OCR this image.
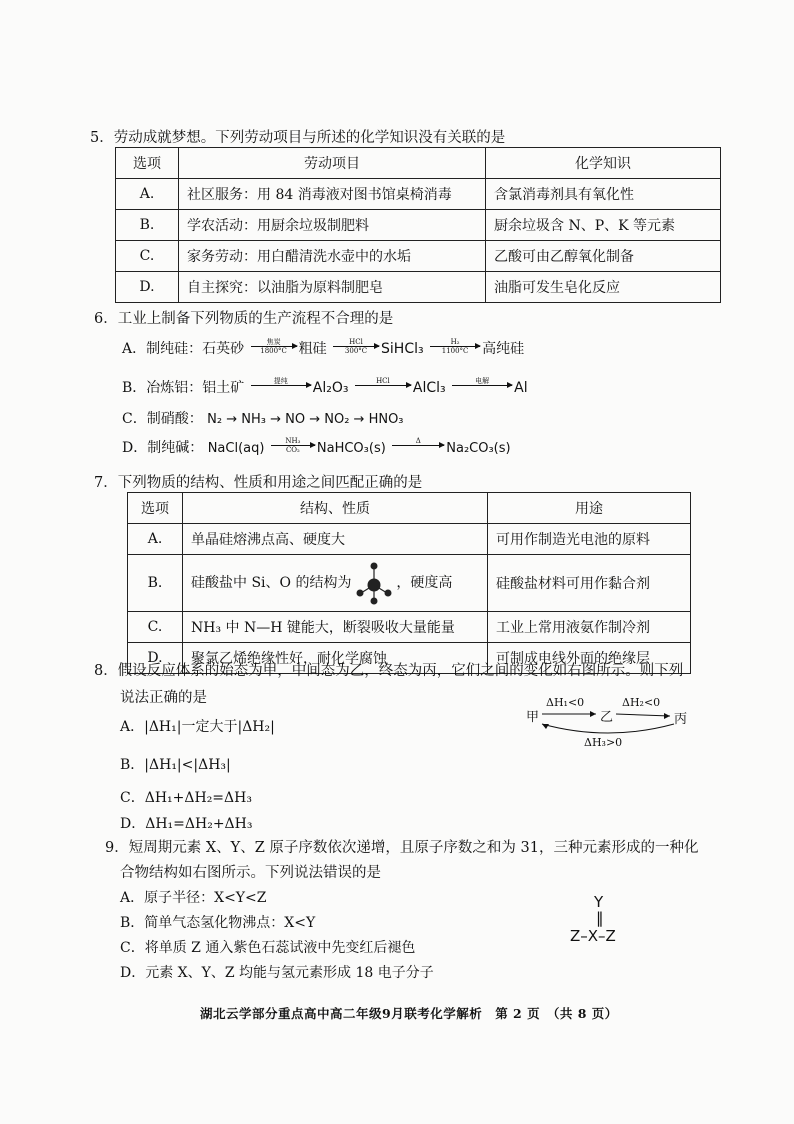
5．劳动成就梦想。下列劳动项目与所述的化学知识没有关联的是
选项	劳动项目	化学知识
A.	社区服务：用 84 消毒液对图书馆桌椅消毒	含氯消毒剂具有氧化性
B.	学农活动：用厨余垃圾制肥料	厨余垃圾含 N、P、K 等元素
C.	家务劳动：用白醋清洗水壶中的水垢	乙酸可由乙醇氧化制备
D.	自主探究：以油脂为原料制肥皂	油脂可发生皂化反应
6．工业上制备下列物质的生产流程不合理的是
A．制纯硅：石英砂	焦炭
1800°C 粗硅	HCl
300°C SiHCl₃ $\frac{\text{H₂}}{1100^\circ C}$ 高纯硅
B．冶炼铝：铝土矿	提纯
	Al₂O₃	HCl
	AlCl₃	电解
	Al
C．制硝酸： N₂ → NH₃ → NO → NO₂ → HNO₃
D．制纯碱： NaCl(aq) $\frac{\text{NH₃}}{\text{CO₂}}$ NaHCO₃(s)	Δ
	Na₂CO₃(s)
7．下列物质的结构、性质和用途之间匹配正确的是
选项	结构、性质	用途
A.	单晶硅熔沸点高、硬度大	可用作制造光电池的原料
B.	硅酸盐中 Si、O 的结构为 ，硬度高	硅酸盐材料可用作黏合剂
C.	NH₃ 中 N—H 键能大，断裂吸收大量能量	工业上常用液氨作制冷剂
D.	聚氯乙烯绝缘性好，耐化学腐蚀	可制成电线外面的绝缘层
8．假设反应体系的始态为甲，中间态为乙，终态为丙，它们之间的变化如右图所示。则下列
说法正确的是
A．|ΔH₁|一定大于|ΔH₂|
B．|ΔH₁|<|ΔH₃|
C．ΔH₁+ΔH₂=ΔH₃
D．ΔH₁=ΔH₂+ΔH₃
甲	乙	丙
ΔH₁<0	ΔH₂<0
ΔH₃>0
9．短周期元素 X、Y、Z 原子序数依次递增，且原子序数之和为 31，三种元素形成的一种化
合物结构如右图所示。下列说法错误的是
A．原子半径：X<Y<Z
B．简单气态氢化物沸点：X<Y
C．将单质 Z 通入紫色石蕊试液中先变红后褪色
D．元素 X、Y、Z 均能与氢元素形成 18 电子分子
Y
‖
Z–X–Z
湖北云学部分重点高中高二年级9月联考化学解析　第 2 页　（共 8 页）
